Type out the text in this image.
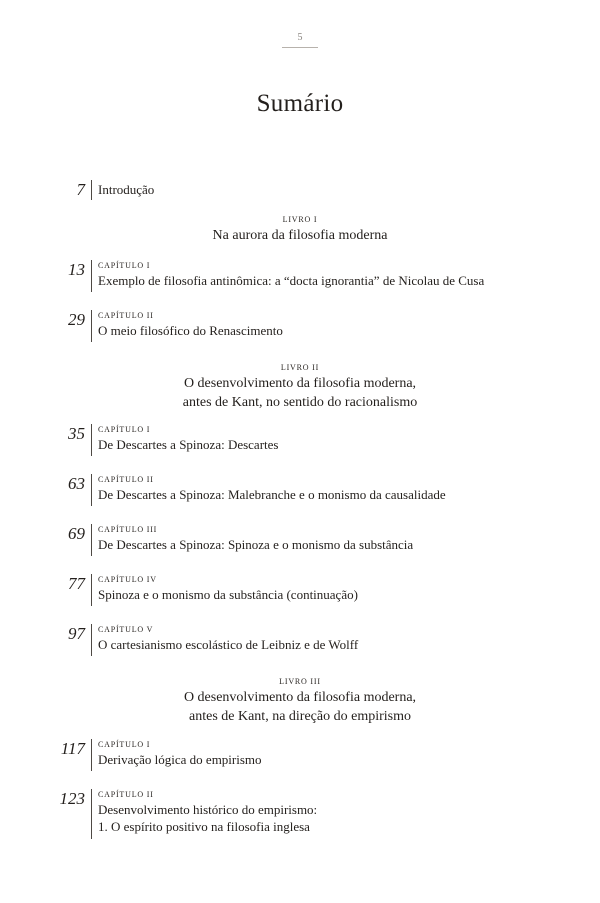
5
Sumário
7 Introdução
LIVRO I
Na aurora da filosofia moderna
13 CAPÍTULO I
Exemplo de filosofia antinômica: a “docta ignorantia” de Nicolau de Cusa
29 CAPÍTULO II
O meio filosófico do Renascimento
LIVRO II
O desenvolvimento da filosofia moderna,
antes de Kant, no sentido do racionalismo
35 CAPÍTULO I
De Descartes a Spinoza: Descartes
63 CAPÍTULO II
De Descartes a Spinoza: Malebranche e o monismo da causalidade
69 CAPÍTULO III
De Descartes a Spinoza: Spinoza e o monismo da substância
77 CAPÍTULO IV
Spinoza e o monismo da substância (continuação)
97 CAPÍTULO V
O cartesianismo escolástico de Leibniz e de Wolff
LIVRO III
O desenvolvimento da filosofia moderna,
antes de Kant, na direção do empirismo
117 CAPÍTULO I
Derivação lógica do empirismo
123 CAPÍTULO II
Desenvolvimento histórico do empirismo:
1. O espírito positivo na filosofia inglesa
